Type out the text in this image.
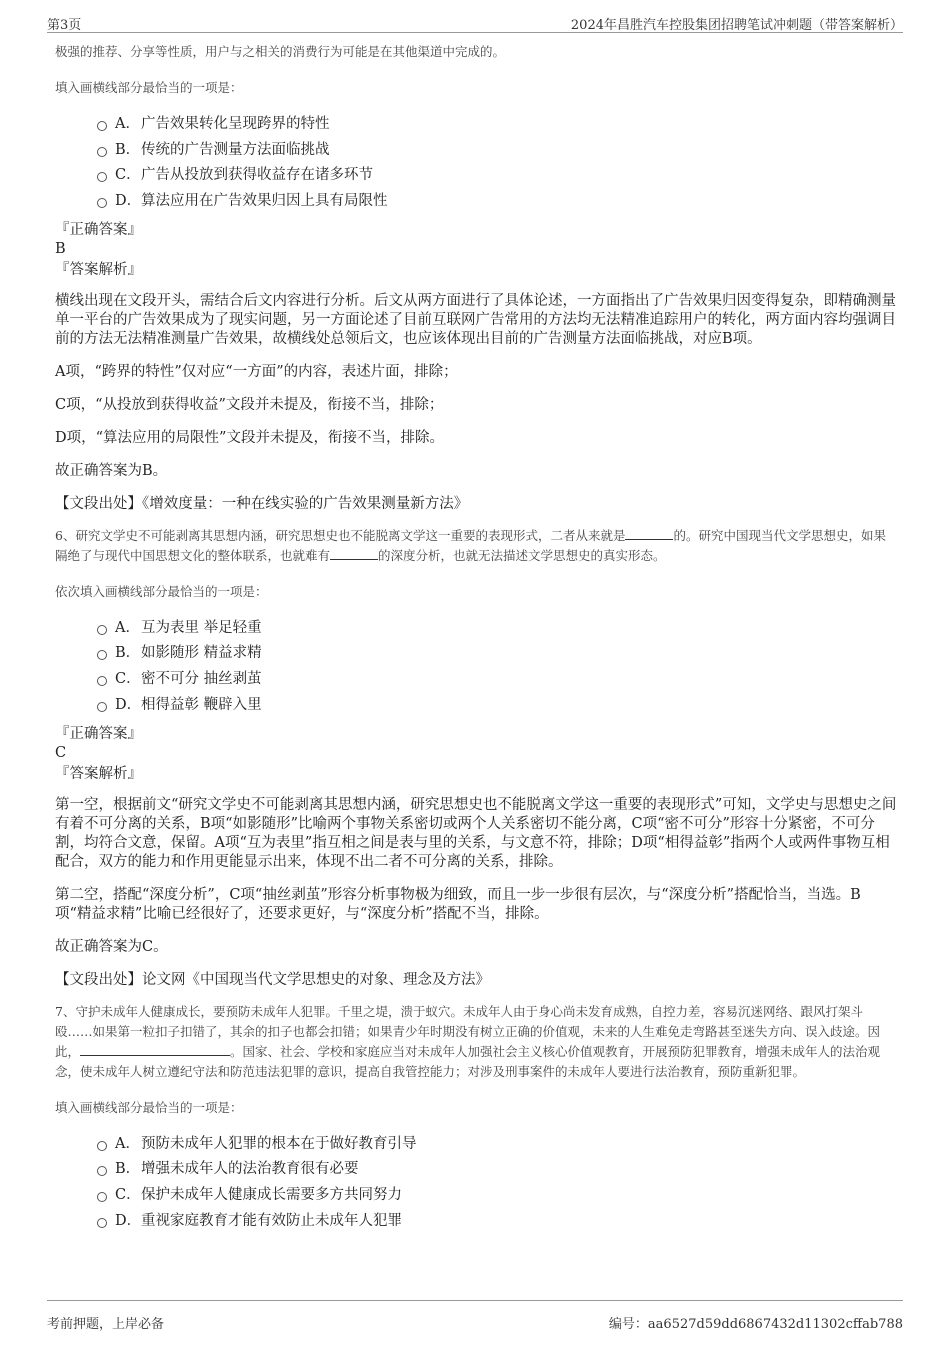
第3页	2024年昌胜汽车控股集团招聘笔试冲刺题（带答案解析）

极强的推荐、分享等性质，用户与之相关的消费行为可能是在其他渠道中完成的。

填入画横线部分最恰当的一项是：

A．广告效果转化呈现跨界的特性
B．传统的广告测量方法面临挑战
C．广告从投放到获得收益存在诸多环节
D．算法应用在广告效果归因上具有局限性

『正确答案』

B

『答案解析』

横线出现在文段开头，需结合后文内容进行分析。后文从两方面进行了具体论述，一方面指出了广告效果归因变得复杂，即精确测量单一平台的广告效果成为了现实问题，另一方面论述了目前互联网广告常用的方法均无法精准追踪用户的转化，两方面内容均强调目前的方法无法精准测量广告效果，故横线处总领后文，也应该体现出目前的广告测量方法面临挑战，对应B项。

A项，“跨界的特性”仅对应“一方面”的内容，表述片面，排除；

C项，“从投放到获得收益”文段并未提及，衔接不当，排除；

D项，“算法应用的局限性”文段并未提及，衔接不当，排除。

故正确答案为B。

【文段出处】《增效度量：一种在线实验的广告效果测量新方法》

6、研究文学史不可能剥离其思想内涵，研究思想史也不能脱离文学这一重要的表现形式，二者从来就是	的。研究中国现当代文学思想史，如果隔绝了与现代中国思想文化的整体联系，也就难有	的深度分析，也就无法描述文学思想史的真实形态。

依次填入画横线部分最恰当的一项是：

A．互为表里 举足轻重
B．如影随形 精益求精
C．密不可分 抽丝剥茧
D．相得益彰 鞭辟入里

『正确答案』

C

『答案解析』

第一空，根据前文“研究文学史不可能剥离其思想内涵，研究思想史也不能脱离文学这一重要的表现形式”可知，文学史与思想史之间有着不可分离的关系，B项“如影随形”比喻两个事物关系密切或两个人关系密切不能分离，C项“密不可分”形容十分紧密，不可分割，均符合文意，保留。A项“互为表里”指互相之间是表与里的关系，与文意不符，排除；D项“相得益彰”指两个人或两件事物互相配合，双方的能力和作用更能显示出来，体现不出二者不可分离的关系，排除。

第二空，搭配“深度分析”，C项“抽丝剥茧”形容分析事物极为细致，而且一步一步很有层次，与“深度分析”搭配恰当，当选。B项“精益求精”比喻已经很好了，还要求更好，与“深度分析”搭配不当，排除。

故正确答案为C。

【文段出处】论文网《中国现当代文学思想史的对象、理念及方法》

7、守护未成年人健康成长，要预防未成年人犯罪。千里之堤，溃于蚁穴。未成年人由于身心尚未发育成熟，自控力差，容易沉迷网络、跟风打架斗殴……如果第一粒扣子扣错了，其余的扣子也都会扣错；如果青少年时期没有树立正确的价值观，未来的人生难免走弯路甚至迷失方向、误入歧途。因此，	。国家、社会、学校和家庭应当对未成年人加强社会主义核心价值观教育，开展预防犯罪教育，增强未成年人的法治观念，使未成年人树立遵纪守法和防范违法犯罪的意识，提高自我管控能力；对涉及刑事案件的未成年人要进行法治教育，预防重新犯罪。

填入画横线部分最恰当的一项是：

A．预防未成年人犯罪的根本在于做好教育引导
B．增强未成年人的法治教育很有必要
C．保护未成年人健康成长需要多方共同努力
D．重视家庭教育才能有效防止未成年人犯罪
考前押题，上岸必备	编号：aa6527d59dd6867432d11302cffab788
